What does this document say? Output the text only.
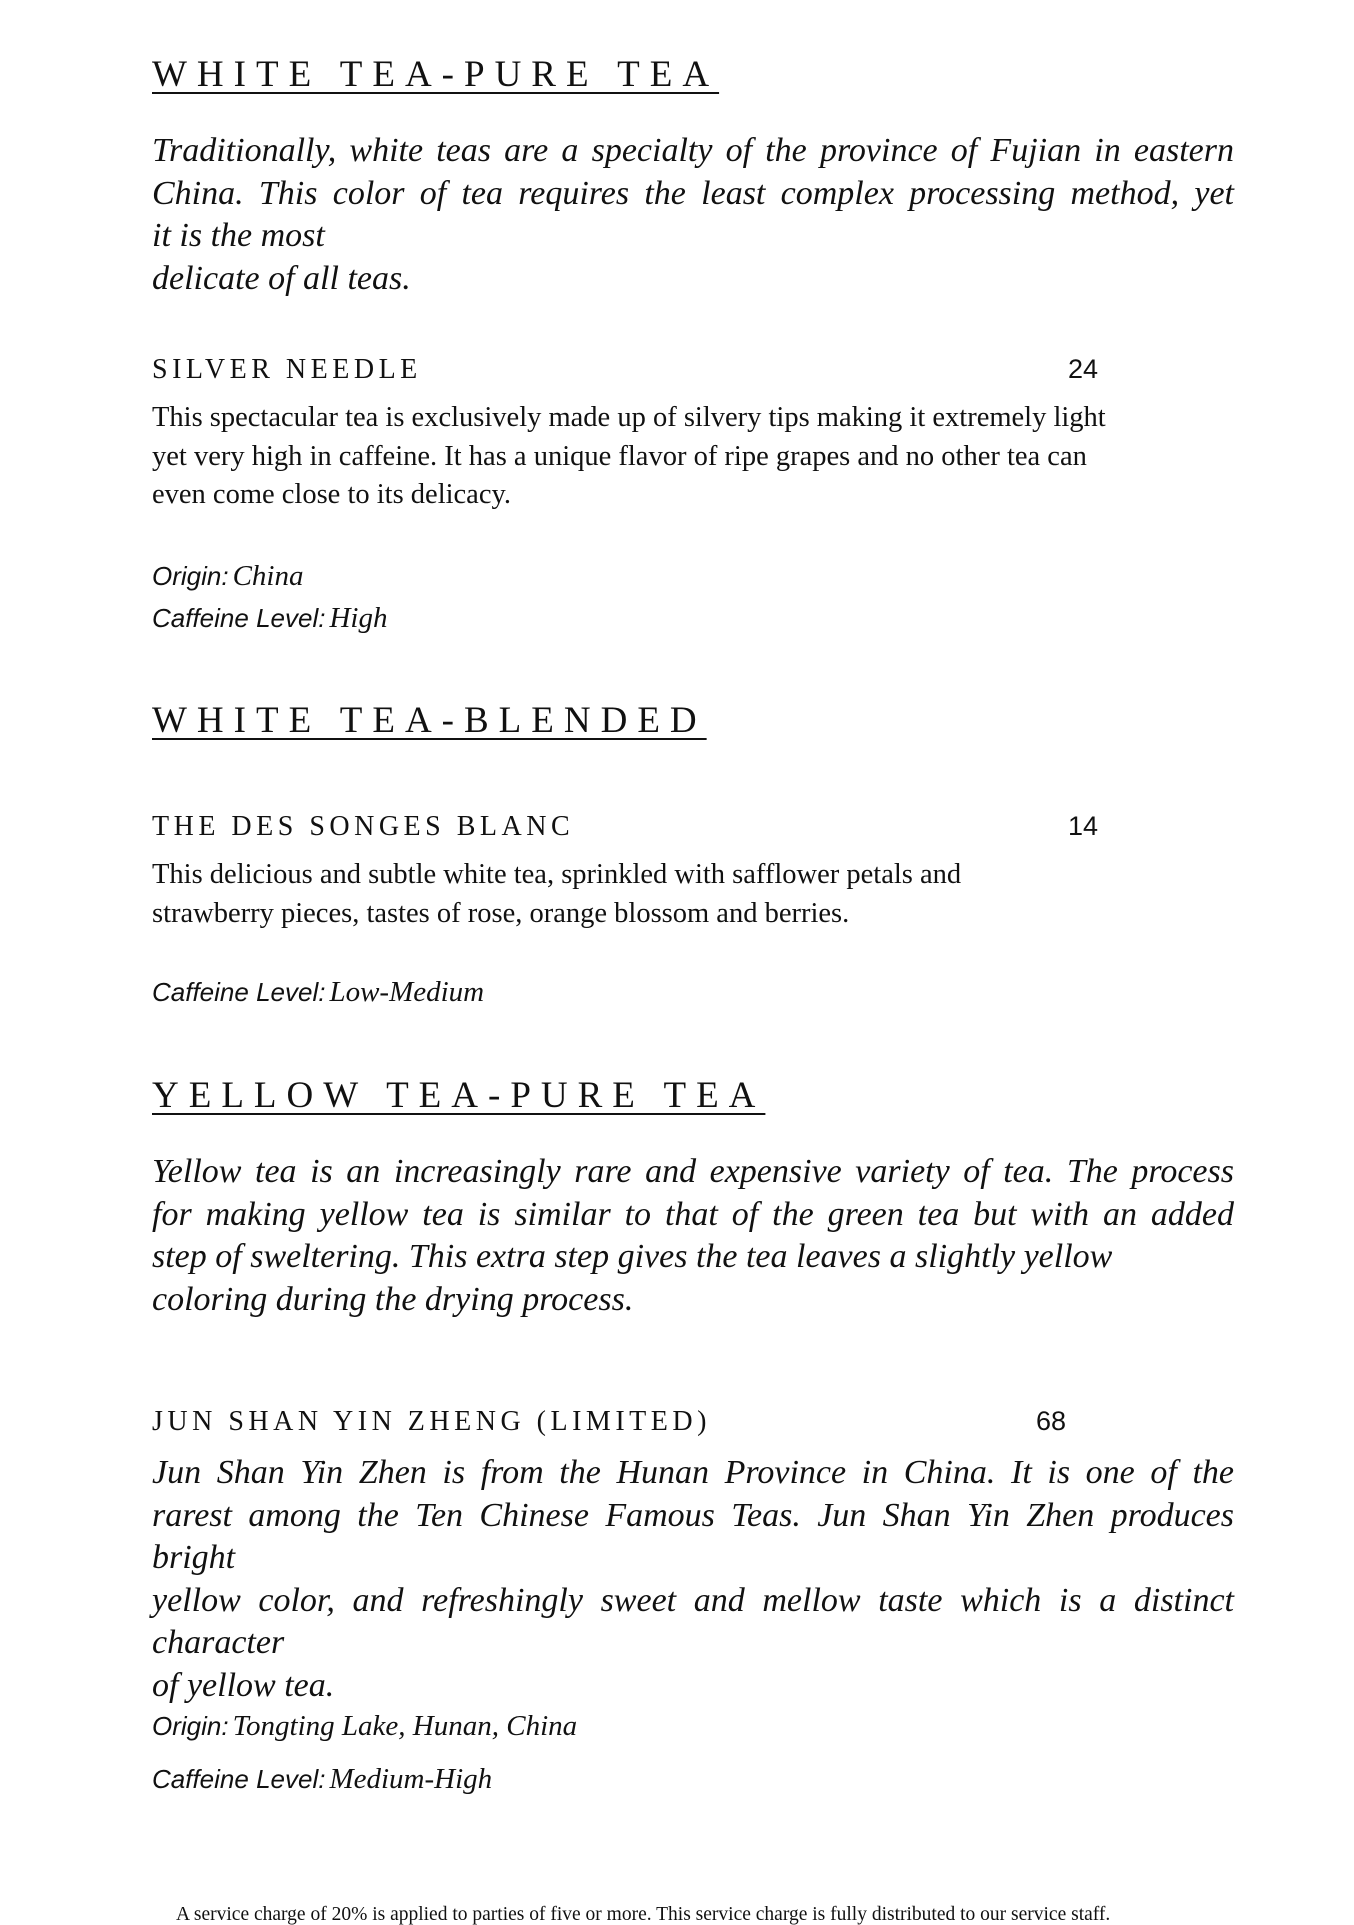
WHITE TEA-PURE TEA

Traditionally, white teas are a specialty of the province of Fujian in eastern
China. This color of tea requires the least complex processing method, yet
it is the most
delicate of all teas.

SILVER NEEDLE	24

This spectacular tea is exclusively made up of silvery tips making it extremely light
yet very high in caffeine. It has a unique flavor of ripe grapes and no other tea can
even come close to its delicacy.

Origin: China

Caffeine Level: High

WHITE TEA-BLENDED
THE DES SONGES BLANC	14

This delicious and subtle white tea, sprinkled with safflower petals and
strawberry pieces, tastes of rose, orange blossom and berries.

Caffeine Level: Low-Medium

YELLOW TEA-PURE TEA

Yellow tea is an increasingly rare and expensive variety of tea. The process
for making yellow tea is similar to that of the green tea but with an added
step of sweltering. This extra step gives the tea leaves a slightly yellow
coloring during the drying process.

JUN SHAN YIN ZHENG (LIMITED)	68

Jun Shan Yin Zhen is from the Hunan Province in China. It is one of the
rarest among the Ten Chinese Famous Teas. Jun Shan Yin Zhen produces
bright
yellow color, and refreshingly sweet and mellow taste which is a distinct
character
of yellow tea.

Origin: Tongting Lake, Hunan, China

Caffeine Level: Medium-High

A service charge of 20% is applied to parties of five or more. This service charge is fully distributed to our service staff.
